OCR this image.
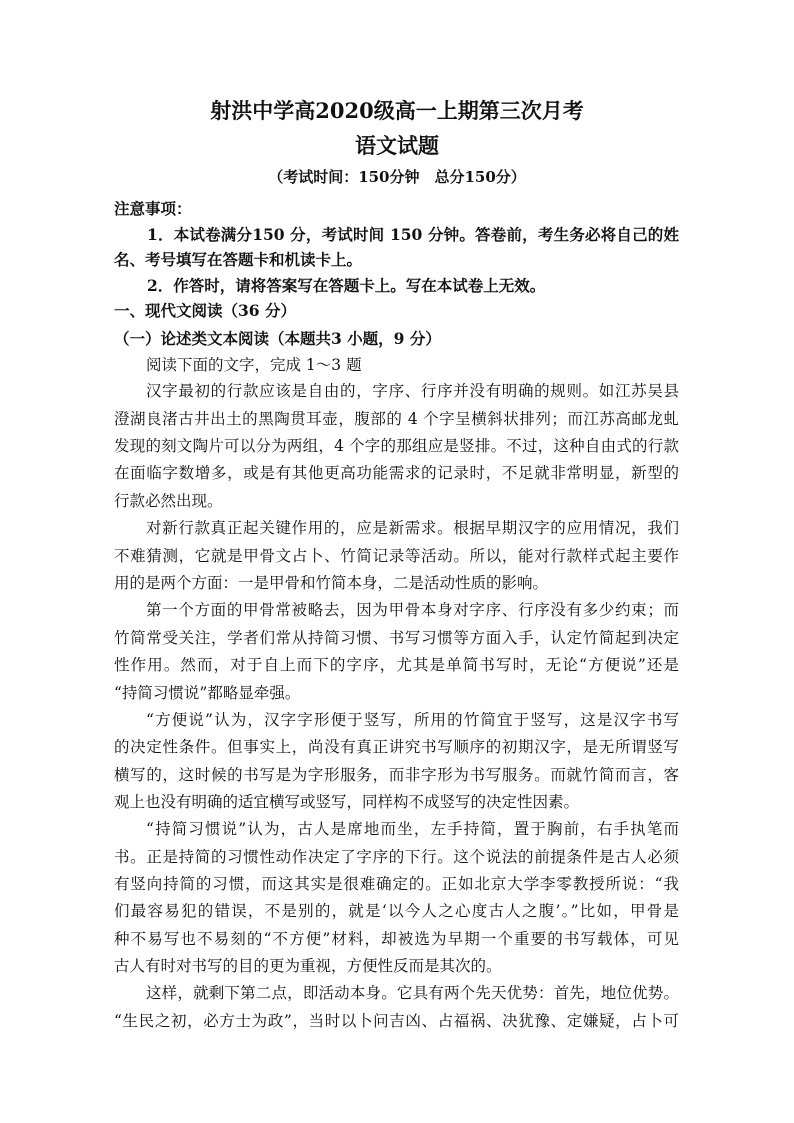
射洪中学高2020级高一上期第三次月考
语文试题
（考试时间：150分钟　总分150分）
注意事项：
1．本试卷满分150 分，考试时间 150 分钟。答卷前，考生务必将自己的姓
名、考号填写在答题卡和机读卡上。
2．作答时，请将答案写在答题卡上。写在本试卷上无效。
一、现代文阅读（36 分）
（一）论述类文本阅读（本题共3 小题，9 分）
阅读下面的文字，完成 1～3 题
汉字最初的行款应该是自由的，字序、行序并没有明确的规则。如江苏吴县
澄湖良渚古井出土的黑陶贯耳壶，腹部的 4 个字呈横斜状排列；而江苏高邮龙虬
发现的刻文陶片可以分为两组，4 个字的那组应是竖排。不过，这种自由式的行款
在面临字数增多，或是有其他更高功能需求的记录时，不足就非常明显，新型的
行款必然出现。
对新行款真正起关键作用的，应是新需求。根据早期汉字的应用情况，我们
不难猜测，它就是甲骨文占卜、竹简记录等活动。所以，能对行款样式起主要作
用的是两个方面：一是甲骨和竹简本身，二是活动性质的影响。
第一个方面的甲骨常被略去，因为甲骨本身对字序、行序没有多少约束；而
竹简常受关注，学者们常从持简习惯、书写习惯等方面入手，认定竹简起到决定
性作用。然而，对于自上而下的字序，尤其是单简书写时，无论“方便说”还是
“持简习惯说”都略显牵强。
“方便说”认为，汉字字形便于竖写，所用的竹简宜于竖写，这是汉字书写
的决定性条件。但事实上，尚没有真正讲究书写顺序的初期汉字，是无所谓竖写
横写的，这时候的书写是为字形服务，而非字形为书写服务。而就竹简而言，客
观上也没有明确的适宜横写或竖写，同样构不成竖写的决定性因素。
“持简习惯说”认为，古人是席地而坐，左手持简，置于胸前，右手执笔而
书。正是持简的习惯性动作决定了字序的下行。这个说法的前提条件是古人必须
有竖向持简的习惯，而这其实是很难确定的。正如北京大学李零教授所说：“我
们最容易犯的错误，不是别的，就是‘以今人之心度古人之腹’。”比如，甲骨是
种不易写也不易刻的“不方便”材料，却被选为早期一个重要的书写载体，可见
古人有时对书写的目的更为重视，方便性反而是其次的。
这样，就剩下第二点，即活动本身。它具有两个先天优势：首先，地位优势。
“生民之初，必方士为政”，当时以卜问吉凶、占福祸、决犹豫、定嫌疑，占卜可
